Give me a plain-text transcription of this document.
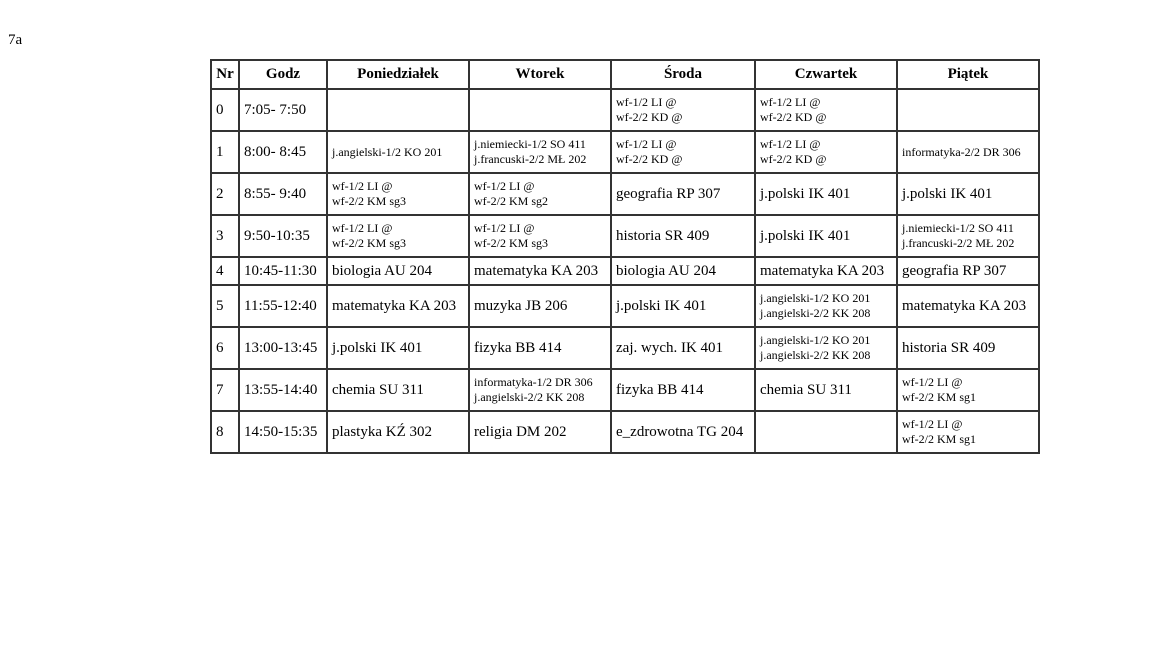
7a
Nr	Godz	Poniedziałek	Wtorek	Środa	Czwartek	Piątek
0	7:05- 7:50			wf-1/2 LI @
wf-2/2 KD @	wf-1/2 LI @
wf-2/2 KD @	

1	8:00- 8:45	j.angielski-1/2 KO 201	j.niemiecki-1/2 SO 411
j.francuski-2/2 MŁ 202	wf-1/2 LI @
wf-2/2 KD @	wf-1/2 LI @
wf-2/2 KD @	informatyka-2/2 DR 306

2	8:55- 9:40	wf-1/2 LI @
wf-2/2 KM sg3	wf-1/2 LI @
wf-2/2 KM sg2	geografia RP 307	j.polski IK 401	j.polski IK 401

3	9:50-10:35	wf-1/2 LI @
wf-2/2 KM sg3	wf-1/2 LI @
wf-2/2 KM sg3	historia SR 409	j.polski IK 401	j.niemiecki-1/2 SO 411
j.francuski-2/2 MŁ 202

4	10:45-11:30	biologia AU 204	matematyka KA 203	biologia AU 204	matematyka KA 203	geografia RP 307

5	11:55-12:40	matematyka KA 203	muzyka JB 206	j.polski IK 401	j.angielski-1/2 KO 201
j.angielski-2/2 KK 208	matematyka KA 203

6	13:00-13:45	j.polski IK 401	fizyka BB 414	zaj. wych. IK 401	j.angielski-1/2 KO 201
j.angielski-2/2 KK 208	historia SR 409

7	13:55-14:40	chemia SU 311	informatyka-1/2 DR 306
j.angielski-2/2 KK 208	fizyka BB 414	chemia SU 311	wf-1/2 LI @
wf-2/2 KM sg1

8	14:50-15:35	plastyka KŹ 302	religia DM 202	e_zdrowotna TG 204		wf-1/2 LI @
wf-2/2 KM sg1
